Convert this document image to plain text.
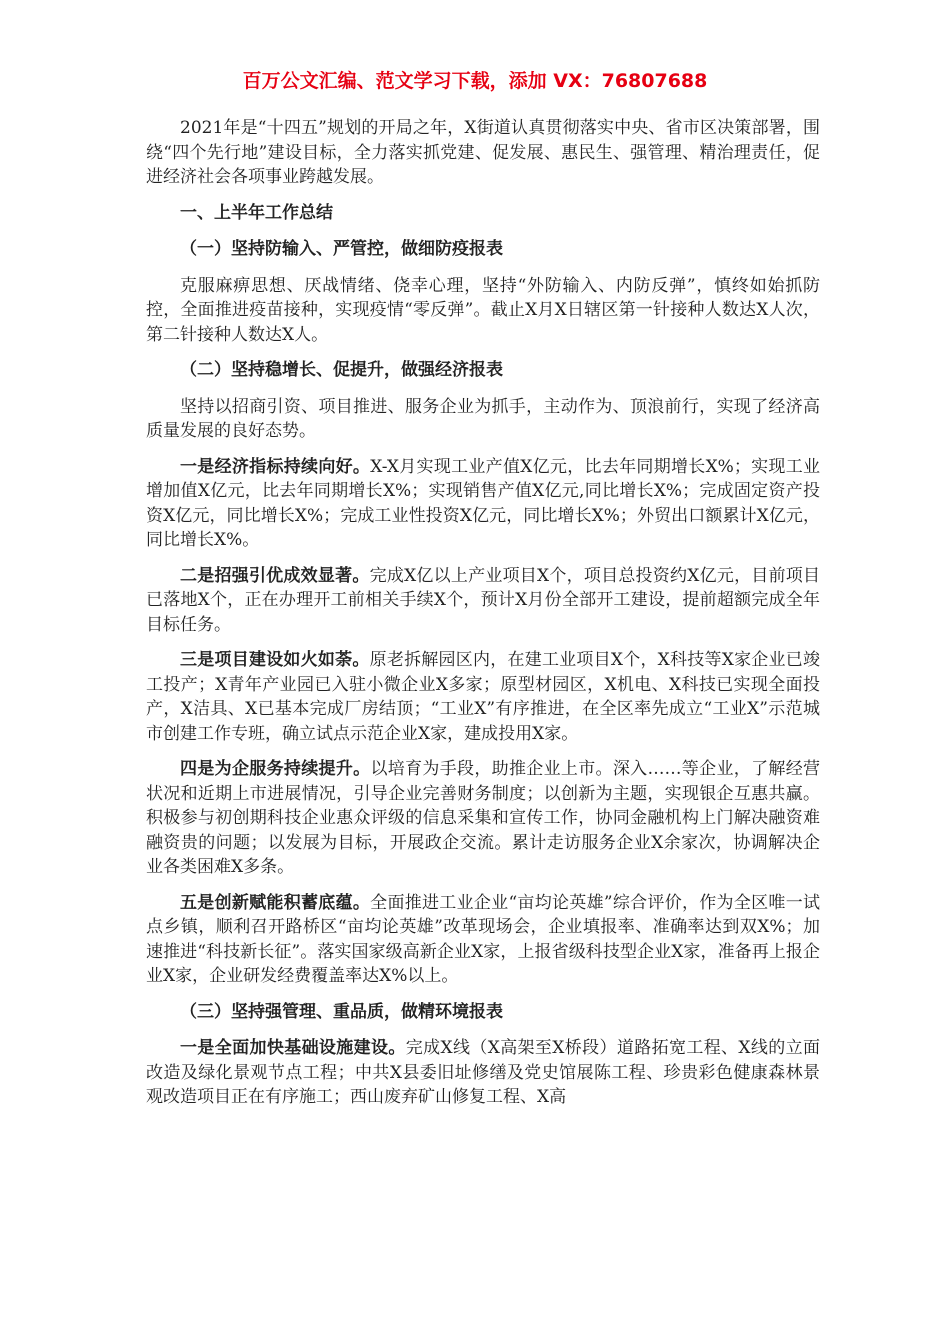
百万公文汇编、范文学习下载，添加 VX：76807688

2021年是“十四五”规划的开局之年，X街道认真贯彻落实中央、省市区决策部署，围绕“四个先行地”建设目标，全力落实抓党建、促发展、惠民生、强管理、精治理责任，促进经济社会各项事业跨越发展。

一、上半年工作总结

（一）坚持防输入、严管控，做细防疫报表

克服麻痹思想、厌战情绪、侥幸心理，坚持“外防输入、内防反弹”，慎终如始抓防控，全面推进疫苗接种，实现疫情“零反弹”。截止X月X日辖区第一针接种人数达X人次，第二针接种人数达X人。

（二）坚持稳增长、促提升，做强经济报表

坚持以招商引资、项目推进、服务企业为抓手，主动作为、顶浪前行，实现了经济高质量发展的良好态势。

一是经济指标持续向好。X-X月实现工业产值X亿元，比去年同期增长X%；实现工业增加值X亿元，比去年同期增长X%；实现销售产值X亿元,同比增长X%；完成固定资产投资X亿元，同比增长X%；完成工业性投资X亿元，同比增长X%；外贸出口额累计X亿元，同比增长X%。

二是招强引优成效显著。完成X亿以上产业项目X个，项目总投资约X亿元，目前项目已落地X个，正在办理开工前相关手续X个，预计X月份全部开工建设，提前超额完成全年目标任务。

三是项目建设如火如荼。原老拆解园区内，在建工业项目X个，X科技等X家企业已竣工投产；X青年产业园已入驻小微企业X多家；原型材园区，X机电、X科技已实现全面投产，X洁具、X已基本完成厂房结顶；“工业X”有序推进，在全区率先成立“工业X”示范城市创建工作专班，确立试点示范企业X家，建成投用X家。

四是为企服务持续提升。以培育为手段，助推企业上市。深入……等企业，了解经营状况和近期上市进展情况，引导企业完善财务制度；以创新为主题，实现银企互惠共赢。积极参与初创期科技企业惠众评级的信息采集和宣传工作，协同金融机构上门解决融资难融资贵的问题；以发展为目标，开展政企交流。累计走访服务企业X余家次，协调解决企业各类困难X多条。

五是创新赋能积蓄底蕴。全面推进工业企业“亩均论英雄”综合评价，作为全区唯一试点乡镇，顺利召开路桥区“亩均论英雄”改革现场会，企业填报率、准确率达到双X%；加速推进“科技新长征”。落实国家级高新企业X家，上报省级科技型企业X家，准备再上报企业X家，企业研发经费覆盖率达X%以上。

（三）坚持强管理、重品质，做精环境报表

一是全面加快基础设施建设。完成X线（X高架至X桥段）道路拓宽工程、X线的立面改造及绿化景观节点工程；中共X县委旧址修缮及党史馆展陈工程、珍贵彩色健康森林景观改造项目正在有序施工；西山废弃矿山修复工程、X高
